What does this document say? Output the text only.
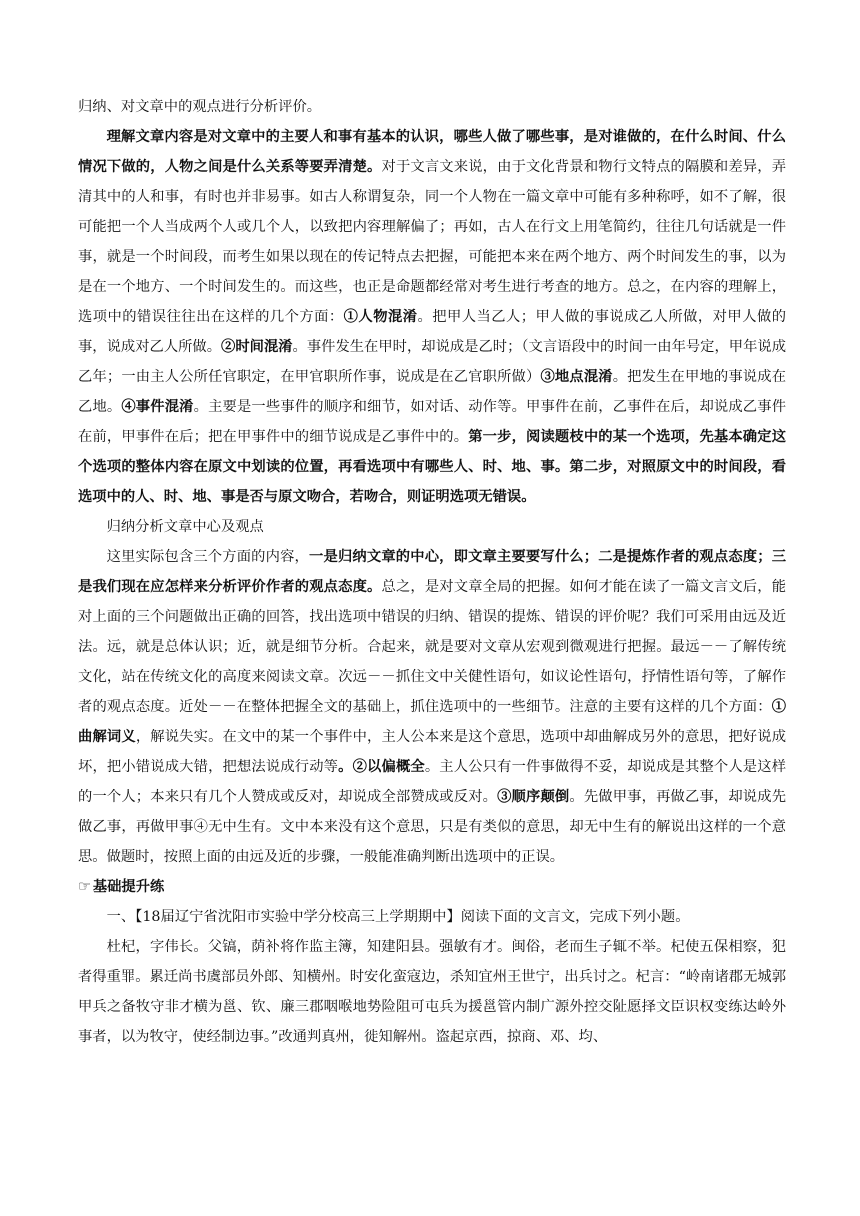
归纳、对文章中的观点进行分析评价。

理解文章内容是对文章中的主要人和事有基本的认识，哪些人做了哪些事，是对谁做的，在什么时间、什么情况下做的，人物之间是什么关系等要弄清楚。对于文言文来说，由于文化背景和物行文特点的隔膜和差异，弄清其中的人和事，有时也并非易事。如古人称谓复杂，同一个人物在一篇文章中可能有多种称呼，如不了解，很可能把一个人当成两个人或几个人，以致把内容理解偏了；再如，古人在行文上用笔简约，往往几句话就是一件事，就是一个时间段，而考生如果以现在的传记特点去把握，可能把本来在两个地方、两个时间发生的事，以为是在一个地方、一个时间发生的。而这些，也正是命题都经常对考生进行考查的地方。总之，在内容的理解上，选项中的错误往往出在这样的几个方面：①人物混淆。把甲人当乙人；甲人做的事说成乙人所做，对甲人做的事，说成对乙人所做。②时间混淆。事件发生在甲时，却说成是乙时；（文言语段中的时间一由年号定，甲年说成乙年；一由主人公所任官职定，在甲官职所作事，说成是在乙官职所做）③地点混淆。把发生在甲地的事说成在乙地。④事件混淆。主要是一些事件的顺序和细节，如对话、动作等。甲事件在前，乙事件在后，却说成乙事件在前，甲事件在后；把在甲事件中的细节说成是乙事件中的。第一步，阅读题枝中的某一个选项，先基本确定这个选项的整体内容在原文中划读的位置，再看选项中有哪些人、时、地、事。第二步，对照原文中的时间段，看选项中的人、时、地、事是否与原文吻合，若吻合，则证明选项无错误。

归纳分析文章中心及观点

这里实际包含三个方面的内容，一是归纳文章的中心，即文章主要要写什么；二是提炼作者的观点态度；三是我们现在应怎样来分析评价作者的观点态度。总之，是对文章全局的把握。如何才能在读了一篇文言文后，能对上面的三个问题做出正确的回答，找出选项中错误的归纳、错误的提炼、错误的评价呢？我们可采用由远及近法。远，就是总体认识；近，就是细节分析。合起来，就是要对文章从宏观到微观进行把握。最远－－了解传统文化，站在传统文化的高度来阅读文章。次远－－抓住文中关健性语句，如议论性语句，抒情性语句等，了解作者的观点态度。近处－－在整体把握全文的基础上，抓住选项中的一些细节。注意的主要有这样的几个方面：①曲解词义，解说失实。在文中的某一个事件中，主人公本来是这个意思，选项中却曲解成另外的意思，把好说成坏，把小错说成大错，把想法说成行动等。②以偏概全。主人公只有一件事做得不妥，却说成是其整个人是这样的一个人；本来只有几个人赞成或反对，却说成全部赞成或反对。③顺序颠倒。先做甲事，再做乙事，却说成先做乙事，再做甲事④无中生有。文中本来没有这个意思，只是有类似的意思，却无中生有的解说出这样的一个意思。做题时，按照上面的由远及近的步骤，一般能准确判断出选项中的正误。

☞ 基础提升练

一、【18届辽宁省沈阳市实验中学分校高三上学期期中】阅读下面的文言文，完成下列小题。

杜杞，字伟长。父镐，荫补将作监主簿，知建阳县。强敏有才。闽俗，老而生子辄不举。杞使五保相察，犯者得重罪。累迁尚书虞部员外郎、知横州。时安化蛮寇边，杀知宜州王世宁，出兵讨之。杞言：“岭南诸郡无城郭甲兵之备牧守非才横为邕、钦、廉三郡咽喉地势险阻可屯兵为援邕管内制广源外控交阯愿择文臣识权变练达岭外事者，以为牧守，使经制边事。”改通判真州，徙知解州。盗起京西，掠商、邓、均、
